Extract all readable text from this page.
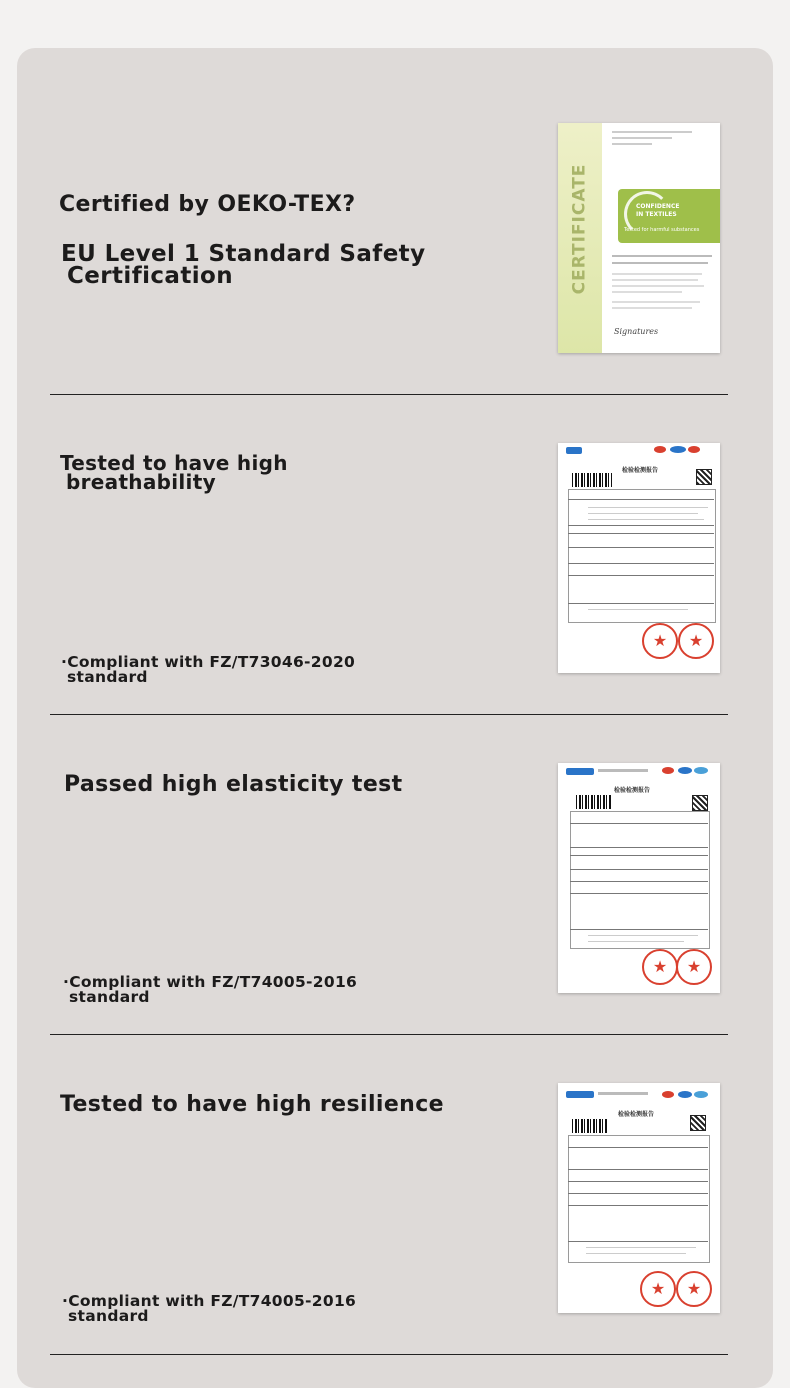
Certified by OEKO-TEX?
EU Level 1 Standard Safety
Certification	CERTIFICATE	CONFIDENCE
IN TEXTILES
Tested for harmful substances
Signatures
Tested to have high
breathability
·Compliant with FZ/T73046-2020
standard
检验检测报告
★	★
Passed high elasticity test
·Compliant with FZ/T74005-2016
standard
检验检测报告
★	★
Tested to have high resilience
·Compliant with FZ/T74005-2016
standard
检验检测报告
★	★
